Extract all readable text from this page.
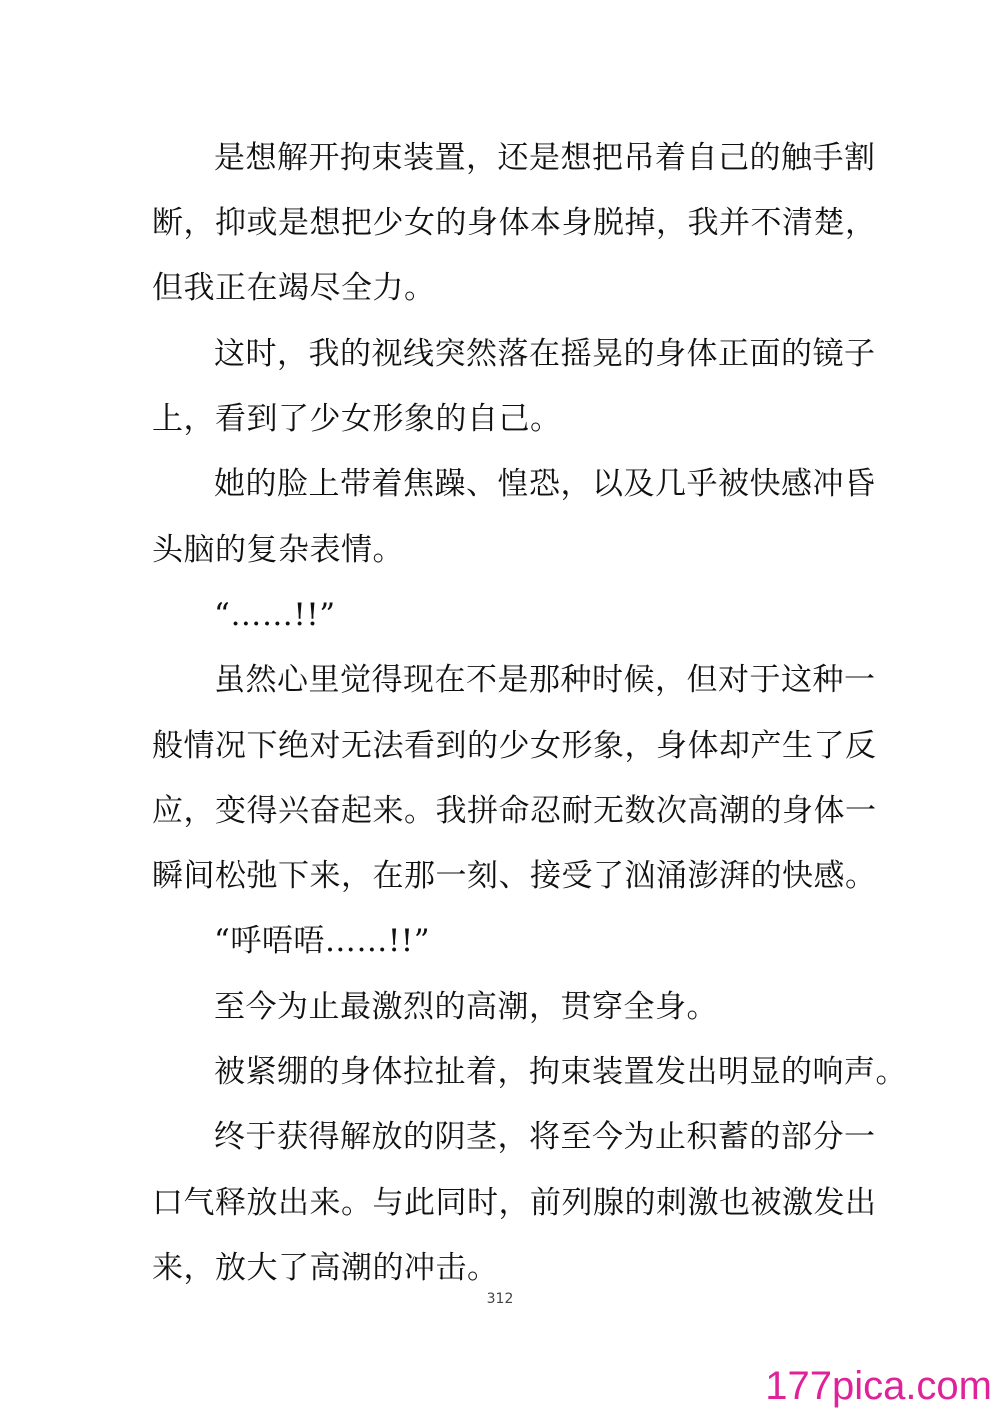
是想解开拘束装置，还是想把吊着自己的触手割
断，抑或是想把少女的身体本身脱掉，我并不清楚，
但我正在竭尽全力。
这时，我的视线突然落在摇晃的身体正面的镜子
上，看到了少女形象的自己。
她的脸上带着焦躁、惶恐，以及几乎被快感冲昏
头脑的复杂表情。
“……!!”
虽然心里觉得现在不是那种时候，但对于这种一
般情况下绝对无法看到的少女形象，身体却产生了反
应，变得兴奋起来。我拼命忍耐无数次高潮的身体一
瞬间松弛下来，在那一刻、接受了汹涌澎湃的快感。
“呼唔唔……!!”
至今为止最激烈的高潮，贯穿全身。
被紧绷的身体拉扯着，拘束装置发出明显的响声。
终于获得解放的阴茎，将至今为止积蓄的部分一
口气释放出来。与此同时，前列腺的刺激也被激发出
来，放大了高潮的冲击。
312
177pica.com
